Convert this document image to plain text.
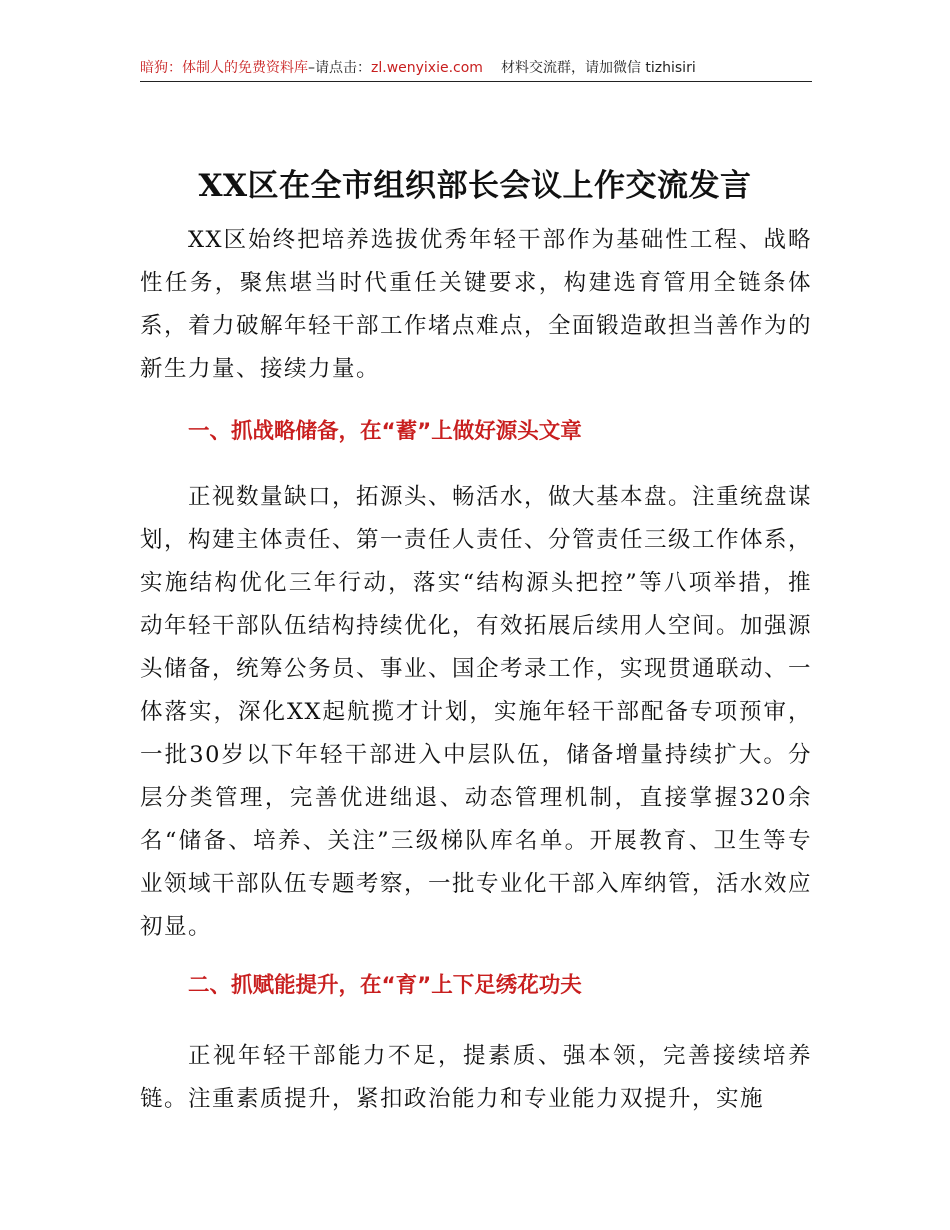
暗狗：体制人的免费资料库–请点击：zl.wenyixie.com 材料交流群，请加微信 tizhisiri
XX区在全市组织部长会议上作交流发言

XX区始终把培养选拔优秀年轻干部作为基础性工程、战略性任务，聚焦堪当时代重任关键要求，构建选育管用全链条体系，着力破解年轻干部工作堵点难点，全面锻造敢担当善作为的新生力量、接续力量。

一、抓战略储备，在“蓄”上做好源头文章

正视数量缺口，拓源头、畅活水，做大基本盘。注重统盘谋划，构建主体责任、第一责任人责任、分管责任三级工作体系，实施结构优化三年行动，落实“结构源头把控”等八项举措，推动年轻干部队伍结构持续优化，有效拓展后续用人空间。加强源头储备，统筹公务员、事业、国企考录工作，实现贯通联动、一体落实，深化XX起航揽才计划，实施年轻干部配备专项预审，一批30岁以下年轻干部进入中层队伍，储备增量持续扩大。分层分类管理，完善优进绌退、动态管理机制，直接掌握320余名“储备、培养、关注”三级梯队库名单。开展教育、卫生等专业领域干部队伍专题考察，一批专业化干部入库纳管，活水效应初显。

二、抓赋能提升，在“育”上下足绣花功夫

正视年轻干部能力不足，提素质、强本领，完善接续培养链。注重素质提升，紧扣政治能力和专业能力双提升，实施
